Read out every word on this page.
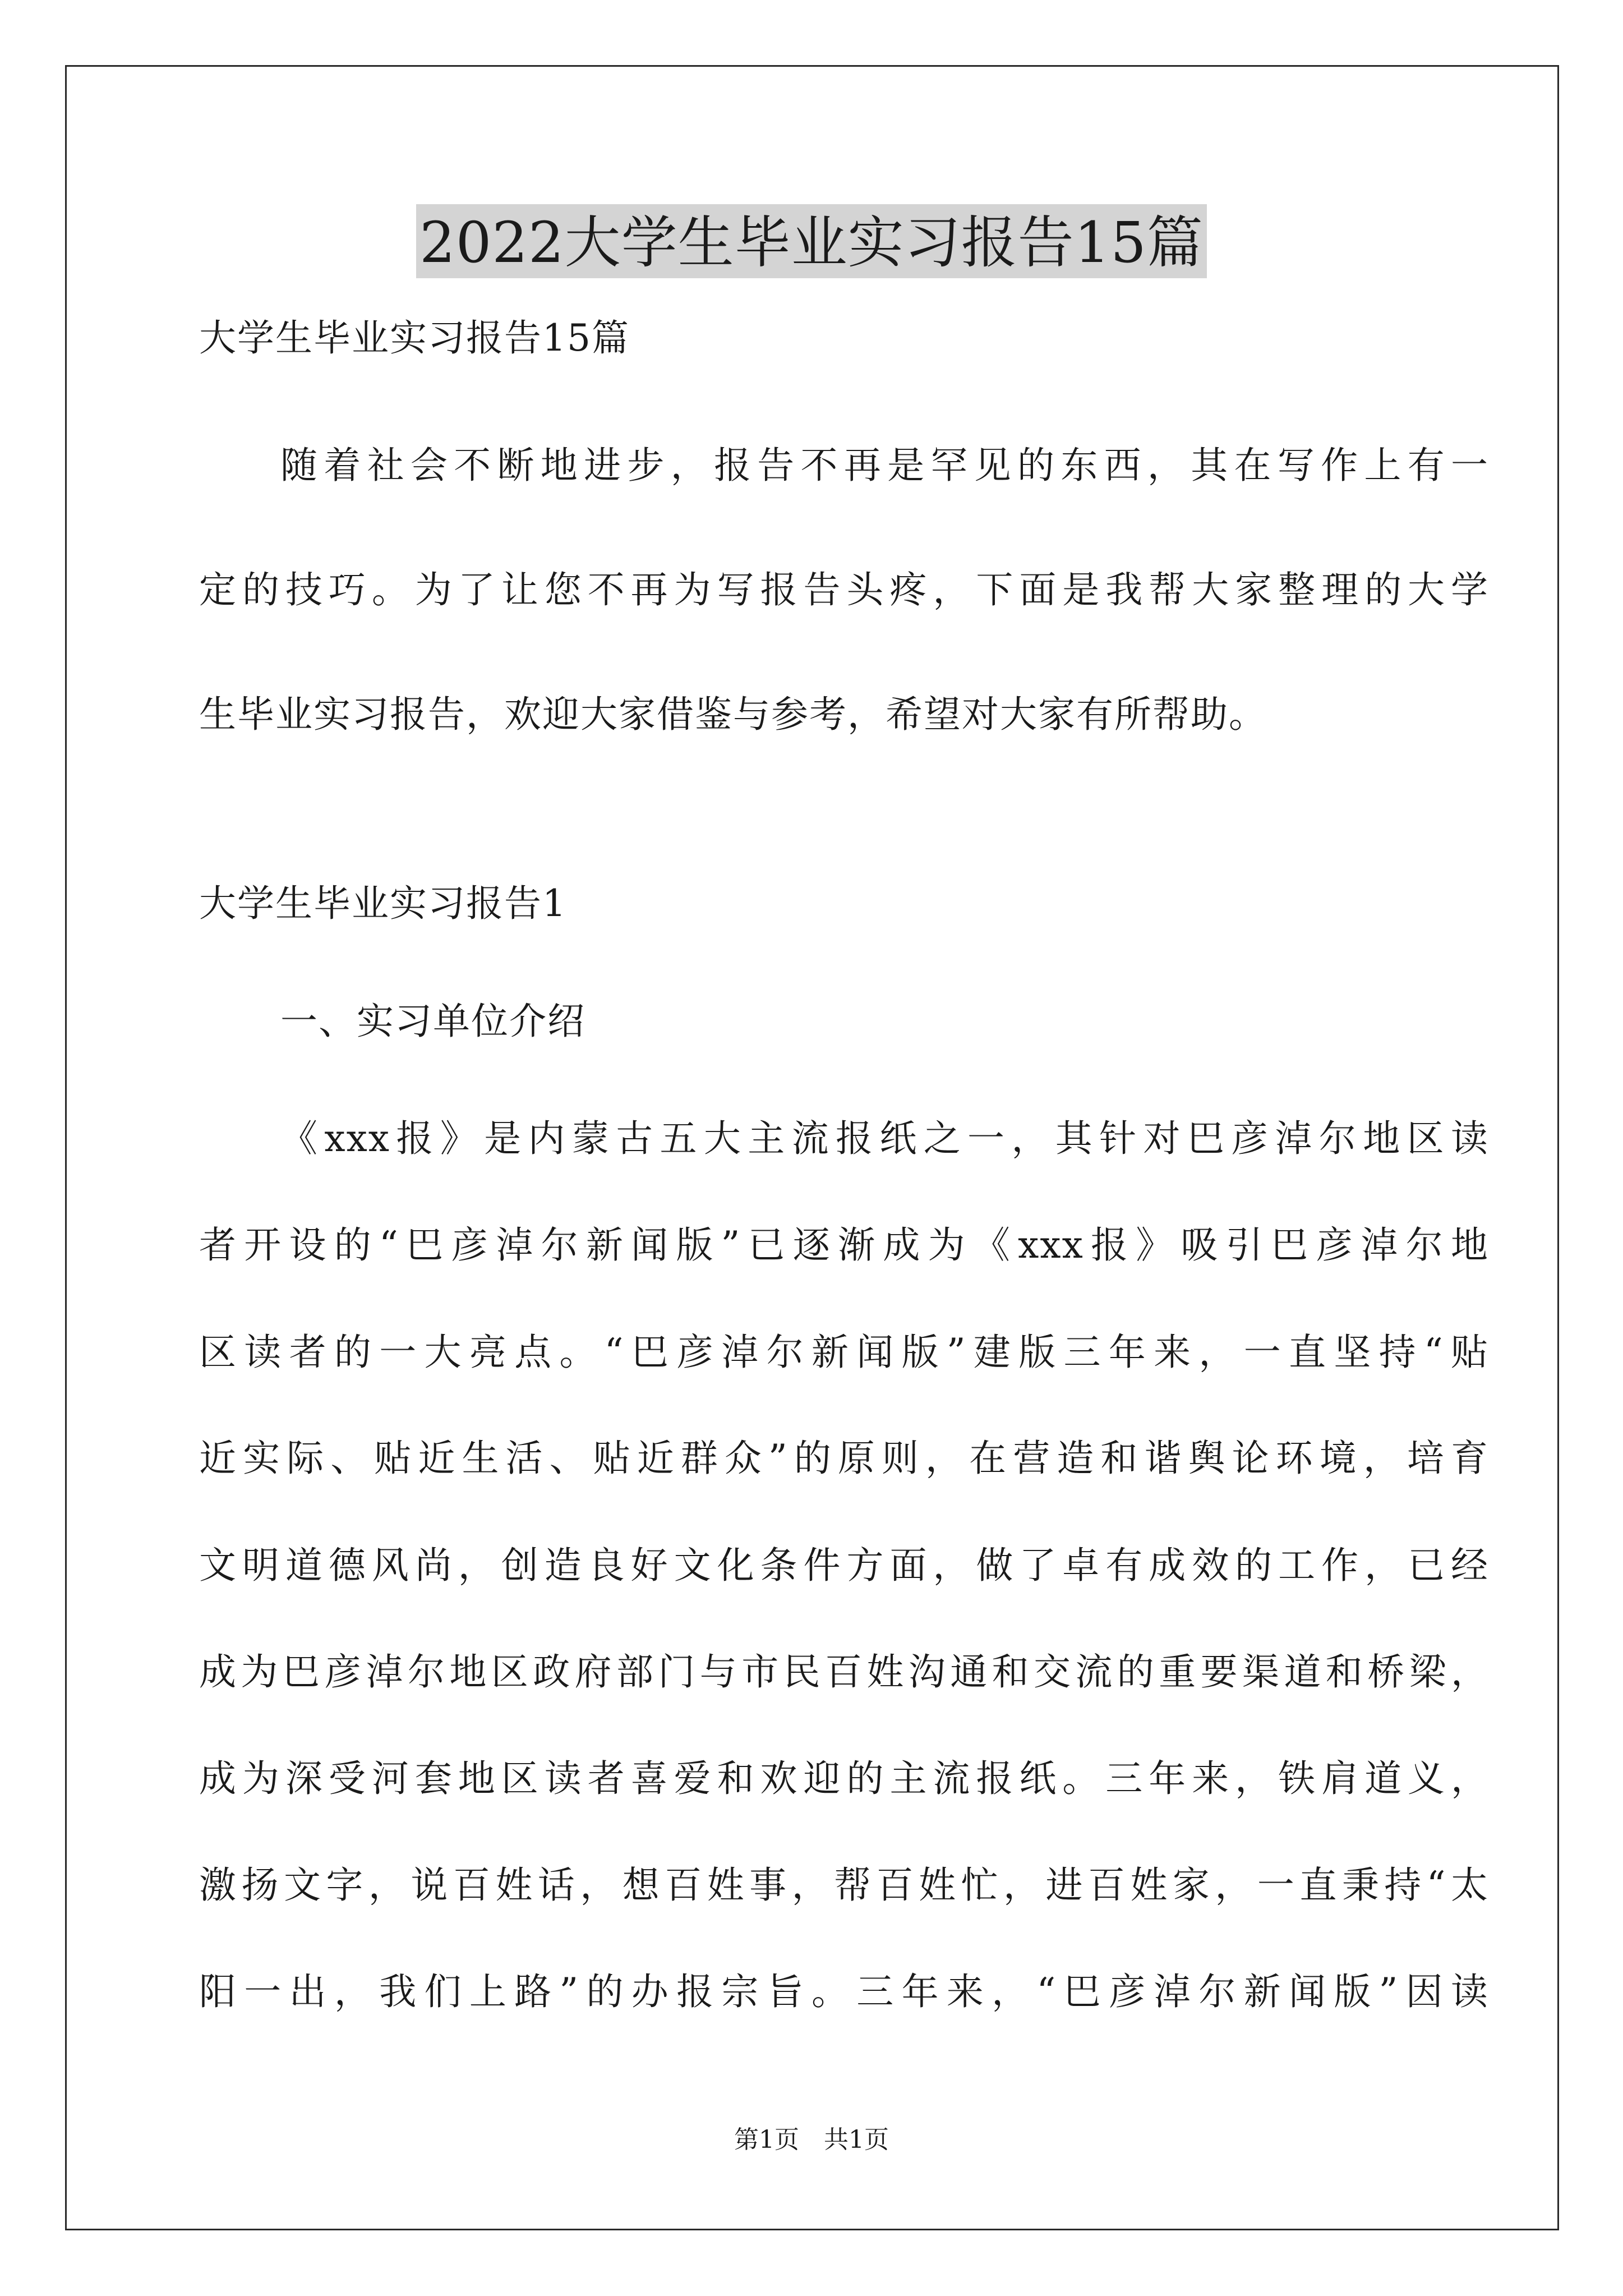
2022大学生毕业实习报告15篇
大学生毕业实习报告15篇
随着社会不断地进步，报告不再是罕见的东西，其在写作上有一
定的技巧。为了让您不再为写报告头疼，下面是我帮大家整理的大学
生毕业实习报告，欢迎大家借鉴与参考，希望对大家有所帮助。
大学生毕业实习报告1
一、实习单位介绍
《xxx报》是内蒙古五大主流报纸之一，其针对巴彦淖尔地区读
者开设的“巴彦淖尔新闻版”已逐渐成为《xxx报》吸引巴彦淖尔地
区读者的一大亮点。“巴彦淖尔新闻版”建版三年来，一直坚持“贴
近实际、贴近生活、贴近群众”的原则，在营造和谐舆论环境，培育
文明道德风尚，创造良好文化条件方面，做了卓有成效的工作，已经
成为巴彦淖尔地区政府部门与市民百姓沟通和交流的重要渠道和桥梁，
成为深受河套地区读者喜爱和欢迎的主流报纸。三年来，铁肩道义，
激扬文字，说百姓话，想百姓事，帮百姓忙，进百姓家，一直秉持“太
阳一出，我们上路”的办报宗旨。三年来，“巴彦淖尔新闻版”因读
第1页　共1页
